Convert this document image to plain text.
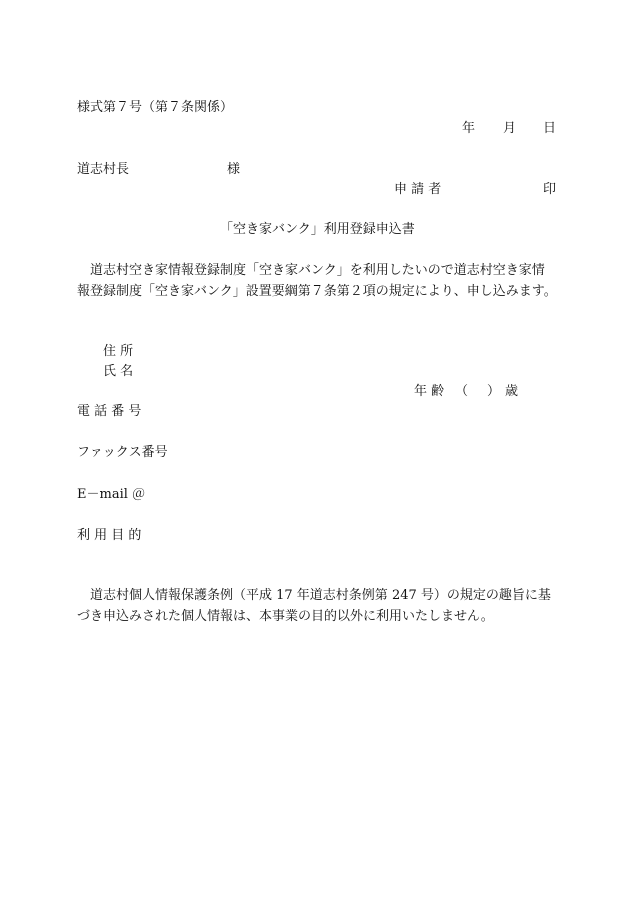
様式第７号（第７条関係）
年 月 日
道志村長	様
申 請 者	印
「空き家バンク」利用登録申込書
道志村空き家情報登録制度「空き家バンク」を利用したいので道志村空き家情報登録制度「空き家バンク」設置要綱第７条第２項の規定により、申し込みます。
住 所
氏 名
年 齢 （ ） 歳
電 話 番 号
ファックス番号
E－mail ＠
利 用 目 的
道志村個人情報保護条例（平成 17 年道志村条例第 247 号）の規定の趣旨に基づき申込みされた個人情報は、本事業の目的以外に利用いたしません。
